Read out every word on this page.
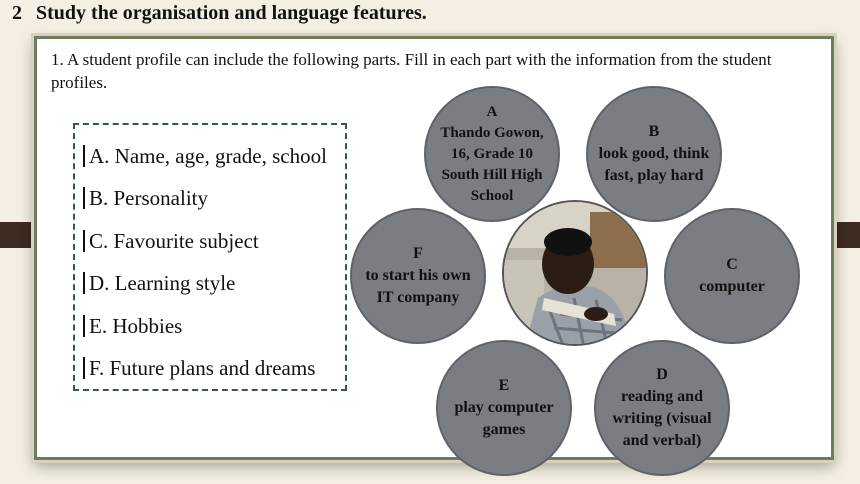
2 Study the organisation and language features.
1. A student profile can include the following parts. Fill in each part with the information from the student profiles.
A. Name, age, grade, school
B. Personality
C. Favourite subject
D. Learning style
E. Hobbies
F. Future plans and dreams
A
Thando Gowon, 16, Grade 10 South Hill High School
B
look good, think fast, play hard
C
computer
D
reading and writing (visual and verbal)
E
play computer games
F
to start his own IT company
